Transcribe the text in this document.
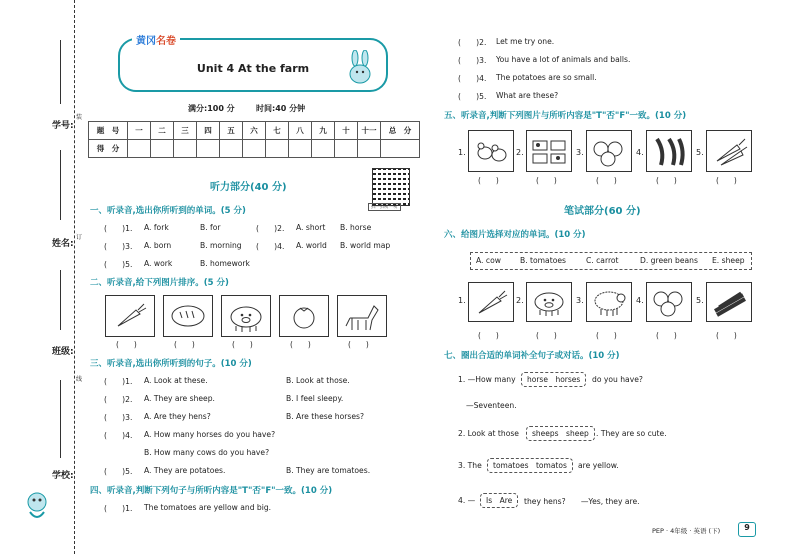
学号:
姓名:
班级:
学校:
装
订
线
Unit 4 At the farm
黄冈名卷
满分:100 分	时间:40 分钟
题　号	一	二	三	四	五	六	七	八	九	十	十一	总　分
得　分												
听力部分(40 分)
扫一扫听一听
一、听录音,选出你所听到的单词。(5 分)
(　　)1. A. fork	B. for	(　　)2. A. short B. horse
(　　)3. A. born	B. morning (　　)4. A. world B. world map
(　　)5. A. work	B. homework
二、听录音,给下列图片排序。(5 分)
(　　)	(　　)	(　　)	(　　)	(　　)
三、听录音,选出你所听到的句子。(10 分)
(　　)1. A. Look at these.	B. Look at those.
(　　)2. A. They are sheep.	B. I feel sleepy.
(　　)3. A. Are they hens?	B. Are these horses?
(　　)4. A. How many horses do you have?
B. How many cows do you have?
(　　)5. A. They are potatoes.	B. They are tomatoes.
四、听录音,判断下列句子与所听内容是"T"否"F"一致。(10 分)
(　　)1. The tomatoes are yellow and big.
(　　)2. Let me try one.
(　　)3. You have a lot of animals and balls.
(　　)4. The potatoes are so small.
(　　)5. What are these?
五、听录音,判断下列图片与所听内容是"T"否"F"一致。(10 分)
1.	2.	3.	4.	5.
(　　)	(　　)	(　　)	(　　)	(　　)
笔试部分(60 分)
六、给图片选择对应的单词。(10 分)
A. cow	B. tomatoes	C. carrot	D. green beans E. sheep
1.	2.	3.	4.	5.
(　　)	(　　)	(　　)	(　　)	(　　)
七、圈出合适的单词补全句子或对话。(10 分)
1. —How many	horse　horses	do you have?
—Seventeen.
2. Look at those	sheeps　sheep . They are so cute.
3. The	tomatoes　tomatos	are yellow.
4. —	Is　Are	they hens?　　—Yes, they are.
PEP · 4年级 · 英语 (下)	9
